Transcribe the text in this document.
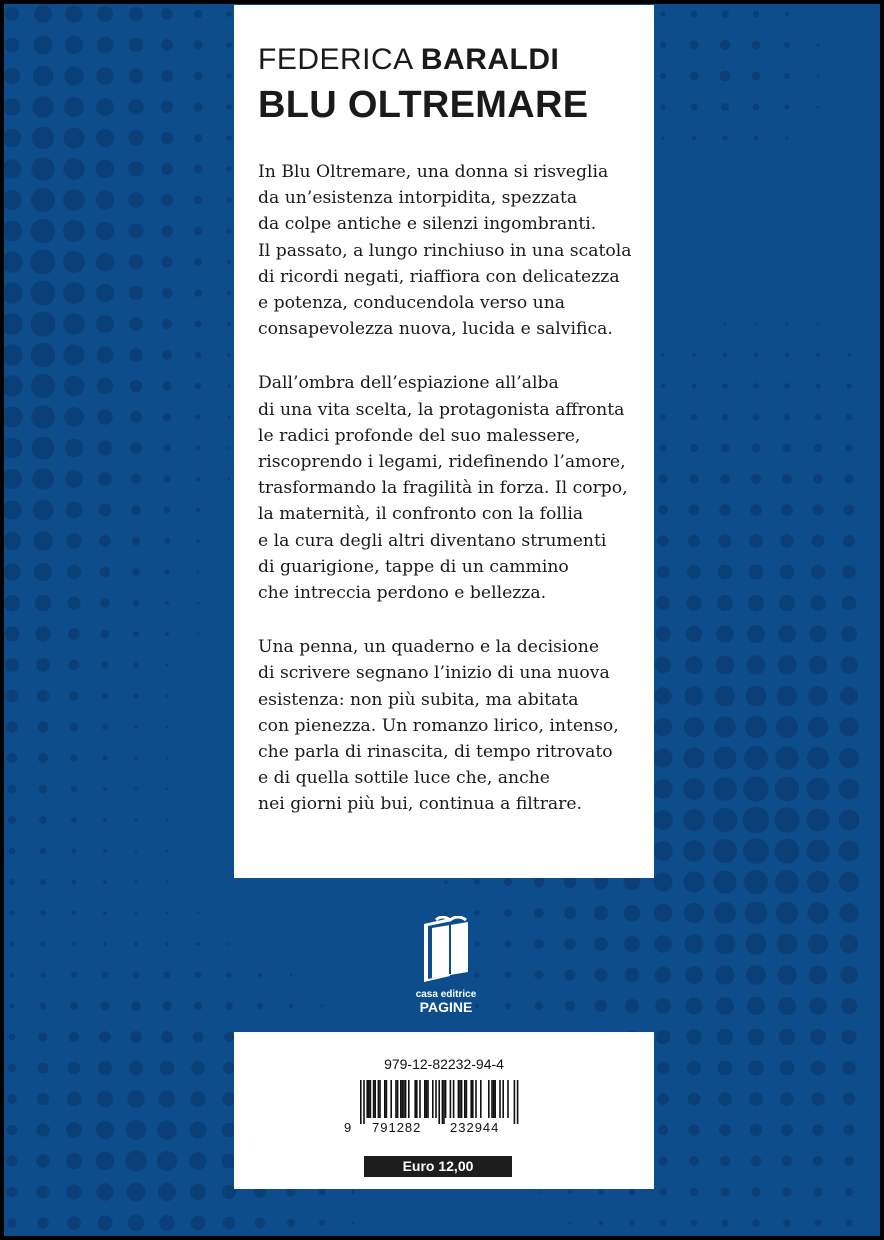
FEDERICA BARALDI
BLU OLTREMARE
In Blu Oltremare, una donna si risveglia
da un’esistenza intorpidita, spezzata
da colpe antiche e silenzi ingombranti.
Il passato, a lungo rinchiuso in una scatola
di ricordi negati, riaffiora con delicatezza
e potenza, conducendola verso una
consapevolezza nuova, lucida e salvifica.
Dall’ombra dell’espiazione all’alba
di una vita scelta, la protagonista affronta
le radici profonde del suo malessere,
riscoprendo i legami, ridefinendo l’amore,
trasformando la fragilità in forza. Il corpo,
la maternità, il confronto con la follia
e la cura degli altri diventano strumenti
di guarigione, tappe di un cammino
che intreccia perdono e bellezza.
Una penna, un quaderno e la decisione
di scrivere segnano l’inizio di una nuova
esistenza: non più subita, ma abitata
con pienezza. Un romanzo lirico, intenso,
che parla di rinascita, di tempo ritrovato
e di quella sottile luce che, anche
nei giorni più bui, continua a filtrare.
casa editrice
PAGINE
979-12-82232-94-4
9 791282 232944
Euro 12,00
